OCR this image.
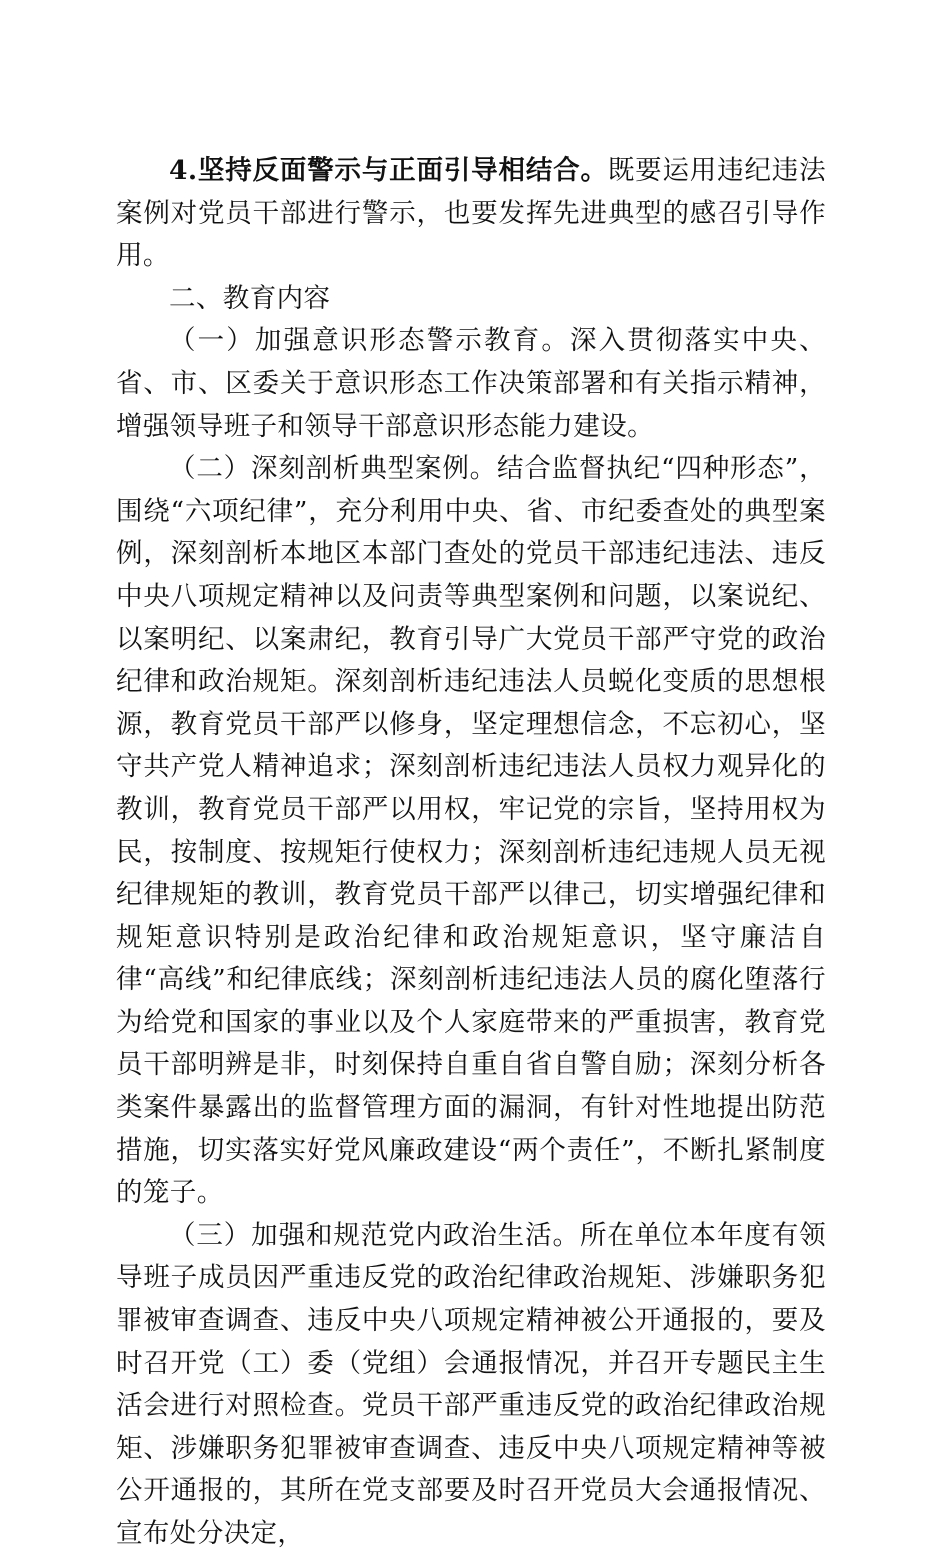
4.坚持反面警示与正面引导相结合。既要运用违纪违法案例对党员干部进行警示，也要发挥先进典型的感召引导作用。

二、教育内容

（一）加强意识形态警示教育。深入贯彻落实中央、省、市、区委关于意识形态工作决策部署和有关指示精神，增强领导班子和领导干部意识形态能力建设。

（二）深刻剖析典型案例。结合监督执纪“四种形态”，围绕“六项纪律”，充分利用中央、省、市纪委查处的典型案例，深刻剖析本地区本部门查处的党员干部违纪违法、违反中央八项规定精神以及问责等典型案例和问题，以案说纪、以案明纪、以案肃纪，教育引导广大党员干部严守党的政治纪律和政治规矩。深刻剖析违纪违法人员蜕化变质的思想根源，教育党员干部严以修身，坚定理想信念，不忘初心，坚守共产党人精神追求；深刻剖析违纪违法人员权力观异化的教训，教育党员干部严以用权，牢记党的宗旨，坚持用权为民，按制度、按规矩行使权力；深刻剖析违纪违规人员无视纪律规矩的教训，教育党员干部严以律己，切实增强纪律和规矩意识特别是政治纪律和政治规矩意识，坚守廉洁自律“高线”和纪律底线；深刻剖析违纪违法人员的腐化堕落行为给党和国家的事业以及个人家庭带来的严重损害，教育党员干部明辨是非，时刻保持自重自省自警自励；深刻分析各类案件暴露出的监督管理方面的漏洞，有针对性地提出防范措施，切实落实好党风廉政建设“两个责任”，不断扎紧制度的笼子。

（三）加强和规范党内政治生活。所在单位本年度有领导班子成员因严重违反党的政治纪律政治规矩、涉嫌职务犯罪被审查调查、违反中央八项规定精神被公开通报的，要及时召开党（工）委（党组）会通报情况，并召开专题民主生活会进行对照检查。党员干部严重违反党的政治纪律政治规矩、涉嫌职务犯罪被审查调查、违反中央八项规定精神等被公开通报的，其所在党支部要及时召开党员大会通报情况、宣布处分决定，
